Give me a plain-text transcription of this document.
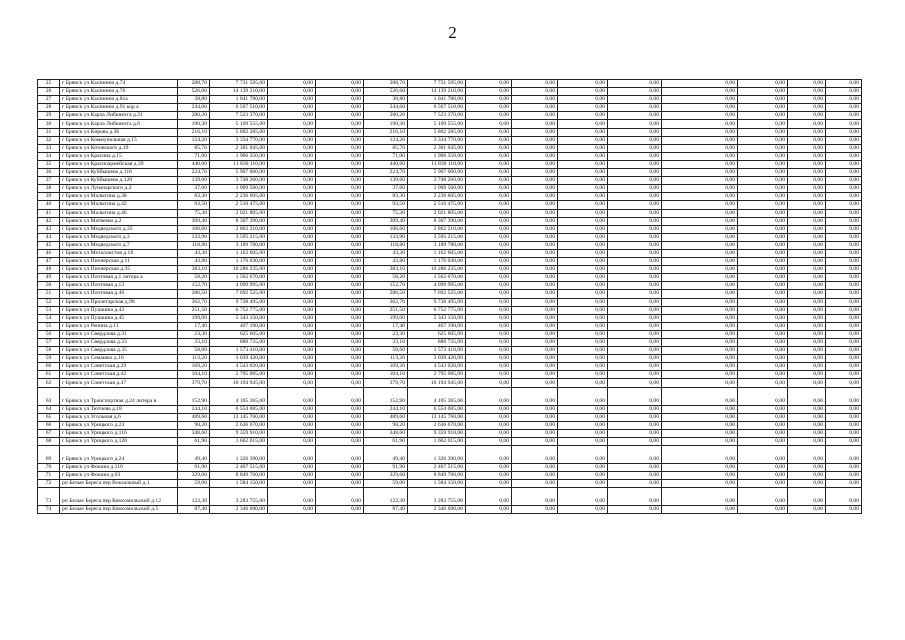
2
25	г Брянск ул Калинина д.74	288,70	7 731 595,00	0,00	0,00	288,70	7 731 595,00	0,00	0,00	0,00	0,00	0,00	0,00	0,00	0,00
26	г Брянск ул Калинина д.76	526,60	14 139 210,00	0,00	0,00	526,60	14 139 210,00	0,00	0,00	0,00	0,00	0,00	0,00	0,00	0,00
27	г Брянск ул Калинина д.81а	38,80	1 041 780,00	0,00	0,00	38,80	1 041 780,00	0,00	0,00	0,00	0,00	0,00	0,00	0,00	0,00
28	г Брянск ул Калинина д.91 кор а	244,60	6 567 510,00	0,00	0,00	244,60	6 567 510,00	0,00	0,00	0,00	0,00	0,00	0,00	0,00	0,00
29	г Брянск ул Карла Либкнехта д.21	280,20	7 523 370,00	0,00	0,00	280,20	7 523 370,00	0,00	0,00	0,00	0,00	0,00	0,00	0,00	0,00
30	г Брянск ул Карла Либкнехта д.6	190,30	5 109 555,00	0,00	0,00	190,30	5 109 555,00	0,00	0,00	0,00	0,00	0,00	0,00	0,00	0,00
31	г Брянск ул Кирова д.36	216,10	5 802 285,00	0,00	0,00	216,10	5 802 285,00	0,00	0,00	0,00	0,00	0,00	0,00	0,00	0,00
32	г Брянск ул Коммунальная д.15	124,20	3 334 770,00	0,00	0,00	124,20	3 334 770,00	0,00	0,00	0,00	0,00	0,00	0,00	0,00	0,00
33	г Брянск ул Котовского д.19	85,70	2 301 045,00	0,00	0,00	85,70	2 301 045,00	0,00	0,00	0,00	0,00	0,00	0,00	0,00	0,00
34	г Брянск ул Красина д.15	71,00	1 906 350,00	0,00	0,00	71,00	1 906 350,00	0,00	0,00	0,00	0,00	0,00	0,00	0,00	0,00
35	г Брянск ул Красноармейская д.39	440,60	11 830 110,00	0,00	0,00	440,60	11 830 110,00	0,00	0,00	0,00	0,00	0,00	0,00	0,00	0,00
36	г Брянск ул Куйбышева д.116	224,70	5 907 000,00	0,00	0,00	224,70	5 907 000,00	0,00	0,00	0,00	0,00	0,00	0,00	0,00	0,00
37	г Брянск ул Куйбышева д.120	139,60	3 748 260,00	0,00	0,00	139,60	3 748 260,00	0,00	0,00	0,00	0,00	0,00	0,00	0,00	0,00
38	г Брянск ул Луначарского д.2	37,60	1 009 560,00	0,00	0,00	37,60	1 009 560,00	0,00	0,00	0,00	0,00	0,00	0,00	0,00	0,00
39	г Брянск ул Малыгина д.38	83,30	2 236 605,00	0,00	0,00	83,30	2 236 605,00	0,00	0,00	0,00	0,00	0,00	0,00	0,00	0,00
40	г Брянск ул Малыгина д.42	93,50	2 510 475,00	0,00	0,00	93,50	2 510 475,00	0,00	0,00	0,00	0,00	0,00	0,00	0,00	0,00
41	г Брянск ул Малыгина д.46	75,30	2 021 805,00	0,00	0,00	75,30	2 021 805,00	0,00	0,00	0,00	0,00	0,00	0,00	0,00	0,00
42	г Брянск ул Матвеева д.2	309,40	8 307 390,00	0,00	0,00	309,40	8 307 390,00	0,00	0,00	0,00	0,00	0,00	0,00	0,00	0,00
43	г Брянск ул Медведского д.35	106,60	2 862 210,00	0,00	0,00	106,60	2 862 210,00	0,00	0,00	0,00	0,00	0,00	0,00	0,00	0,00
44	г Брянск ул Медведского д.3	133,90	3 595 215,00	0,00	0,00	133,90	3 595 215,00	0,00	0,00	0,00	0,00	0,00	0,00	0,00	0,00
45	г Брянск ул Медведского д.7	118,80	3 189 780,00	0,00	0,00	118,80	3 189 780,00	0,00	0,00	0,00	0,00	0,00	0,00	0,00	0,00
46	г Брянск ул Металлистов д.18	43,30	1 162 605,00	0,00	0,00	43,30	1 162 605,00	0,00	0,00	0,00	0,00	0,00	0,00	0,00	0,00
47	г Брянск ул Пионерская д.11	43,80	1 176 030,00	0,00	0,00	43,80	1 176 030,00	0,00	0,00	0,00	0,00	0,00	0,00	0,00	0,00
48	г Брянск ул Пионерская д.35	383,10	10 286 235,00	0,00	0,00	383,10	10 286 235,00	0,00	0,00	0,00	0,00	0,00	0,00	0,00	0,00
49	г Брянск ул Почтовая д.1 литера а	58,20	1 562 670,00	0,00	0,00	58,20	1 562 670,00	0,00	0,00	0,00	0,00	0,00	0,00	0,00	0,00
50	г Брянск ул Почтовая д.13	152,70	4 099 995,00	0,00	0,00	152,70	4 099 995,00	0,00	0,00	0,00	0,00	0,00	0,00	0,00	0,00
51	г Брянск ул Почтовая д.46	286,50	7 692 525,00	0,00	0,00	286,50	7 692 525,00	0,00	0,00	0,00	0,00	0,00	0,00	0,00	0,00
52	г Брянск ул Пролетарская д.98	362,70	9 738 495,00	0,00	0,00	362,70	9 738 495,00	0,00	0,00	0,00	0,00	0,00	0,00	0,00	0,00
53	г Брянск ул Пушкина д.43	251,50	6 752 775,00	0,00	0,00	251,50	6 752 775,00	0,00	0,00	0,00	0,00	0,00	0,00	0,00	0,00
54	г Брянск ул Пушкина д.45	199,00	5 343 150,00	0,00	0,00	199,00	5 343 150,00	0,00	0,00	0,00	0,00	0,00	0,00	0,00	0,00
55	г Брянск ул Репина д.11	17,40	467 190,00	0,00	0,00	17,40	467 190,00	0,00	0,00	0,00	0,00	0,00	0,00	0,00	0,00
56	г Брянск ул Свердлова д.31	23,30	625 605,00	0,00	0,00	23,30	625 605,00	0,00	0,00	0,00	0,00	0,00	0,00	0,00	0,00
57	г Брянск ул Свердлова д.33	33,10	888 735,00	0,00	0,00	33,10	888 735,00	0,00	0,00	0,00	0,00	0,00	0,00	0,00	0,00
58	г Брянск ул Свердлова д.35	58,60	1 573 410,00	0,00	0,00	58,60	1 573 410,00	0,00	0,00	0,00	0,00	0,00	0,00	0,00	0,00
59	г Брянск ул Семашко д.16	113,20	3 039 420,00	0,00	0,00	113,20	3 039 420,00	0,00	0,00	0,00	0,00	0,00	0,00	0,00	0,00
60	г Брянск ул Советская д.29	169,20	4 543 020,00	0,00	0,00	169,20	4 543 020,00	0,00	0,00	0,00	0,00	0,00	0,00	0,00	0,00
61	г Брянск ул Советская д.42	104,10	2 795 085,00	0,00	0,00	104,10	2 795 085,00	0,00	0,00	0,00	0,00	0,00	0,00	0,00	0,00
62	г Брянск ул Советская д.47	379,70	10 194 945,00	0,00	0,00	379,70	10 194 945,00	0,00	0,00	0,00	0,00	0,00	0,00	0,00	0,00
63	г Брянск ул Транспортная д.24 литера в	152,90	4 105 365,00	0,00	0,00	152,90	4 105 365,00	0,00	0,00	0,00	0,00	0,00	0,00	0,00	0,00
64	г Брянск ул Тютчева д.18	244,10	6 554 085,00	0,00	0,00	244,10	6 554 085,00	0,00	0,00	0,00	0,00	0,00	0,00	0,00	0,00
65	г Брянск ул Угольная д.6	489,60	13 145 760,00	0,00	0,00	489,60	13 145 760,00	0,00	0,00	0,00	0,00	0,00	0,00	0,00	0,00
66	г Брянск ул Урицкого д.23	98,20	2 636 670,00	0,00	0,00	98,20	2 636 670,00	0,00	0,00	0,00	0,00	0,00	0,00	0,00	0,00
67	г Брянск ул Урицкого д.116	348,60	9 359 910,00	0,00	0,00	348,60	9 359 910,00	0,00	0,00	0,00	0,00	0,00	0,00	0,00	0,00
68	г Брянск ул Урицкого д.120	61,90	1 662 015,00	0,00	0,00	61,90	1 662 015,00	0,00	0,00	0,00	0,00	0,00	0,00	0,00	0,00
69	г Брянск ул Урицкого д.24	49,40	1 326 390,00	0,00	0,00	49,40	1 326 390,00	0,00	0,00	0,00	0,00	0,00	0,00	0,00	0,00
70	г Брянск ул Фокина д.110	91,90	2 467 515,00	0,00	0,00	91,90	2 467 515,00	0,00	0,00	0,00	0,00	0,00	0,00	0,00	0,00
71	г Брянск ул Фокина д.63	329,60	8 849 760,00	0,00	0,00	329,60	8 849 760,00	0,00	0,00	0,00	0,00	0,00	0,00	0,00	0,00
72	рп Белые Берега пер Вокзальный д.1	59,00	1 584 150,00	0,00	0,00	59,00	1 584 150,00	0,00	0,00	0,00	0,00	0,00	0,00	0,00	0,00
73	рп Белые Берега пер Комсомольский д.12	122,30	3 283 755,00	0,00	0,00	122,30	3 283 755,00	0,00	0,00	0,00	0,00	0,00	0,00	0,00	0,00
74	рп Белые Берега пер Комсомольский д.5	87,40	2 346 690,00	0,00	0,00	87,40	2 346 690,00	0,00	0,00	0,00	0,00	0,00	0,00	0,00	0,00
